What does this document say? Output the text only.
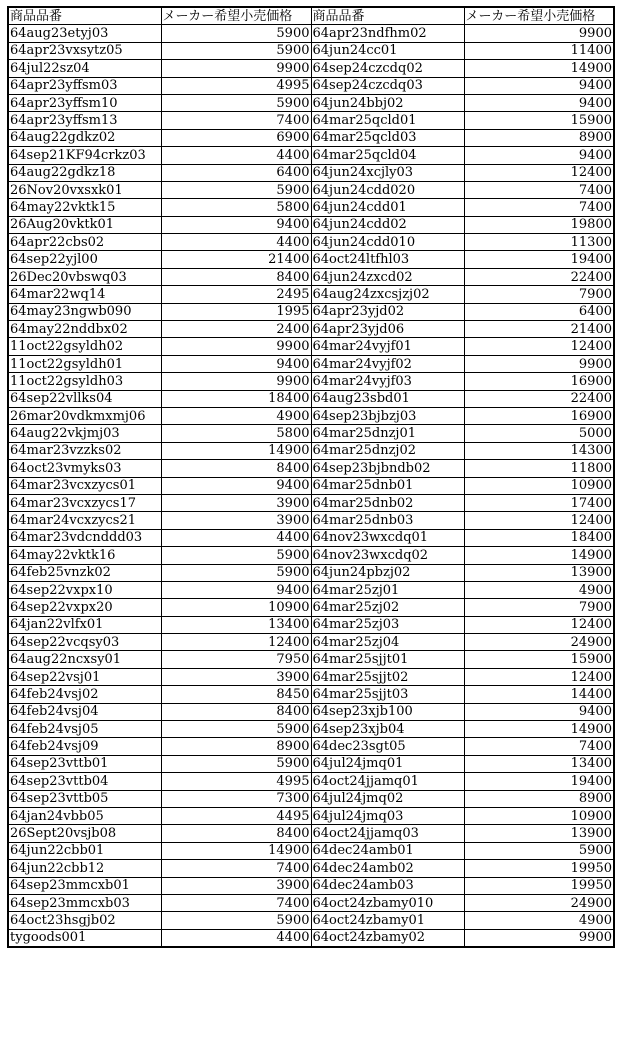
商品品番	メーカー希望小売価格	商品品番	メーカー希望小売価格
64aug23etyj03	5900	64apr23ndfhm02	9900
64apr23vxsytz05	5900	64jun24cc01	11400
64jul22sz04	9900	64sep24czcdq02	14900
64apr23yffsm03	4995	64sep24czcdq03	9400
64apr23yffsm10	5900	64jun24bbj02	9400
64apr23yffsm13	7400	64mar25qcld01	15900
64aug22gdkz02	6900	64mar25qcld03	8900
64sep21KF94crkz03	4400	64mar25qcld04	9400
64aug22gdkz18	6400	64jun24xcjly03	12400
26Nov20vxsxk01	5900	64jun24cdd020	7400
64may22vktk15	5800	64jun24cdd01	7400
26Aug20vktk01	9400	64jun24cdd02	19800
64apr22cbs02	4400	64jun24cdd010	11300
64sep22yjl00	21400	64oct24ltfhl03	19400
26Dec20vbswq03	8400	64jun24zxcd02	22400
64mar22wq14	2495	64aug24zxcsjzj02	7900
64may23ngwb090	1995	64apr23yjd02	6400
64may22nddbx02	2400	64apr23yjd06	21400
11oct22gsyldh02	9900	64mar24vyjf01	12400
11oct22gsyldh01	9400	64mar24vyjf02	9900
11oct22gsyldh03	9900	64mar24vyjf03	16900
64sep22vllks04	18400	64aug23sbd01	22400
26mar20vdkmxmj06	4900	64sep23bjbzj03	16900
64aug22vkjmj03	5800	64mar25dnzj01	5000
64mar23vzzks02	14900	64mar25dnzj02	14300
64oct23vmyks03	8400	64sep23bjbndb02	11800
64mar23vcxzycs01	9400	64mar25dnb01	10900
64mar23vcxzycs17	3900	64mar25dnb02	17400
64mar24vcxzycs21	3900	64mar25dnb03	12400
64mar23vdcnddd03	4400	64nov23wxcdq01	18400
64may22vktk16	5900	64nov23wxcdq02	14900
64feb25vnzk02	5900	64jun24pbzj02	13900
64sep22vxpx10	9400	64mar25zj01	4900
64sep22vxpx20	10900	64mar25zj02	7900
64jan22vlfx01	13400	64mar25zj03	12400
64sep22vcqsy03	12400	64mar25zj04	24900
64aug22ncxsy01	7950	64mar25sjjt01	15900
64sep22vsj01	3900	64mar25sjjt02	12400
64feb24vsj02	8450	64mar25sjjt03	14400
64feb24vsj04	8400	64sep23xjb100	9400
64feb24vsj05	5900	64sep23xjb04	14900
64feb24vsj09	8900	64dec23sgt05	7400
64sep23vttb01	5900	64jul24jmq01	13400
64sep23vttb04	4995	64oct24jjamq01	19400
64sep23vttb05	7300	64jul24jmq02	8900
64jan24vbb05	4495	64jul24jmq03	10900
26Sept20vsjb08	8400	64oct24jjamq03	13900
64jun22cbb01	14900	64dec24amb01	5900
64jun22cbb12	7400	64dec24amb02	19950
64sep23mmcxb01	3900	64dec24amb03	19950
64sep23mmcxb03	7400	64oct24zbamy010	24900
64oct23hsgjb02	5900	64oct24zbamy01	4900
tygoods001	4400	64oct24zbamy02	9900
